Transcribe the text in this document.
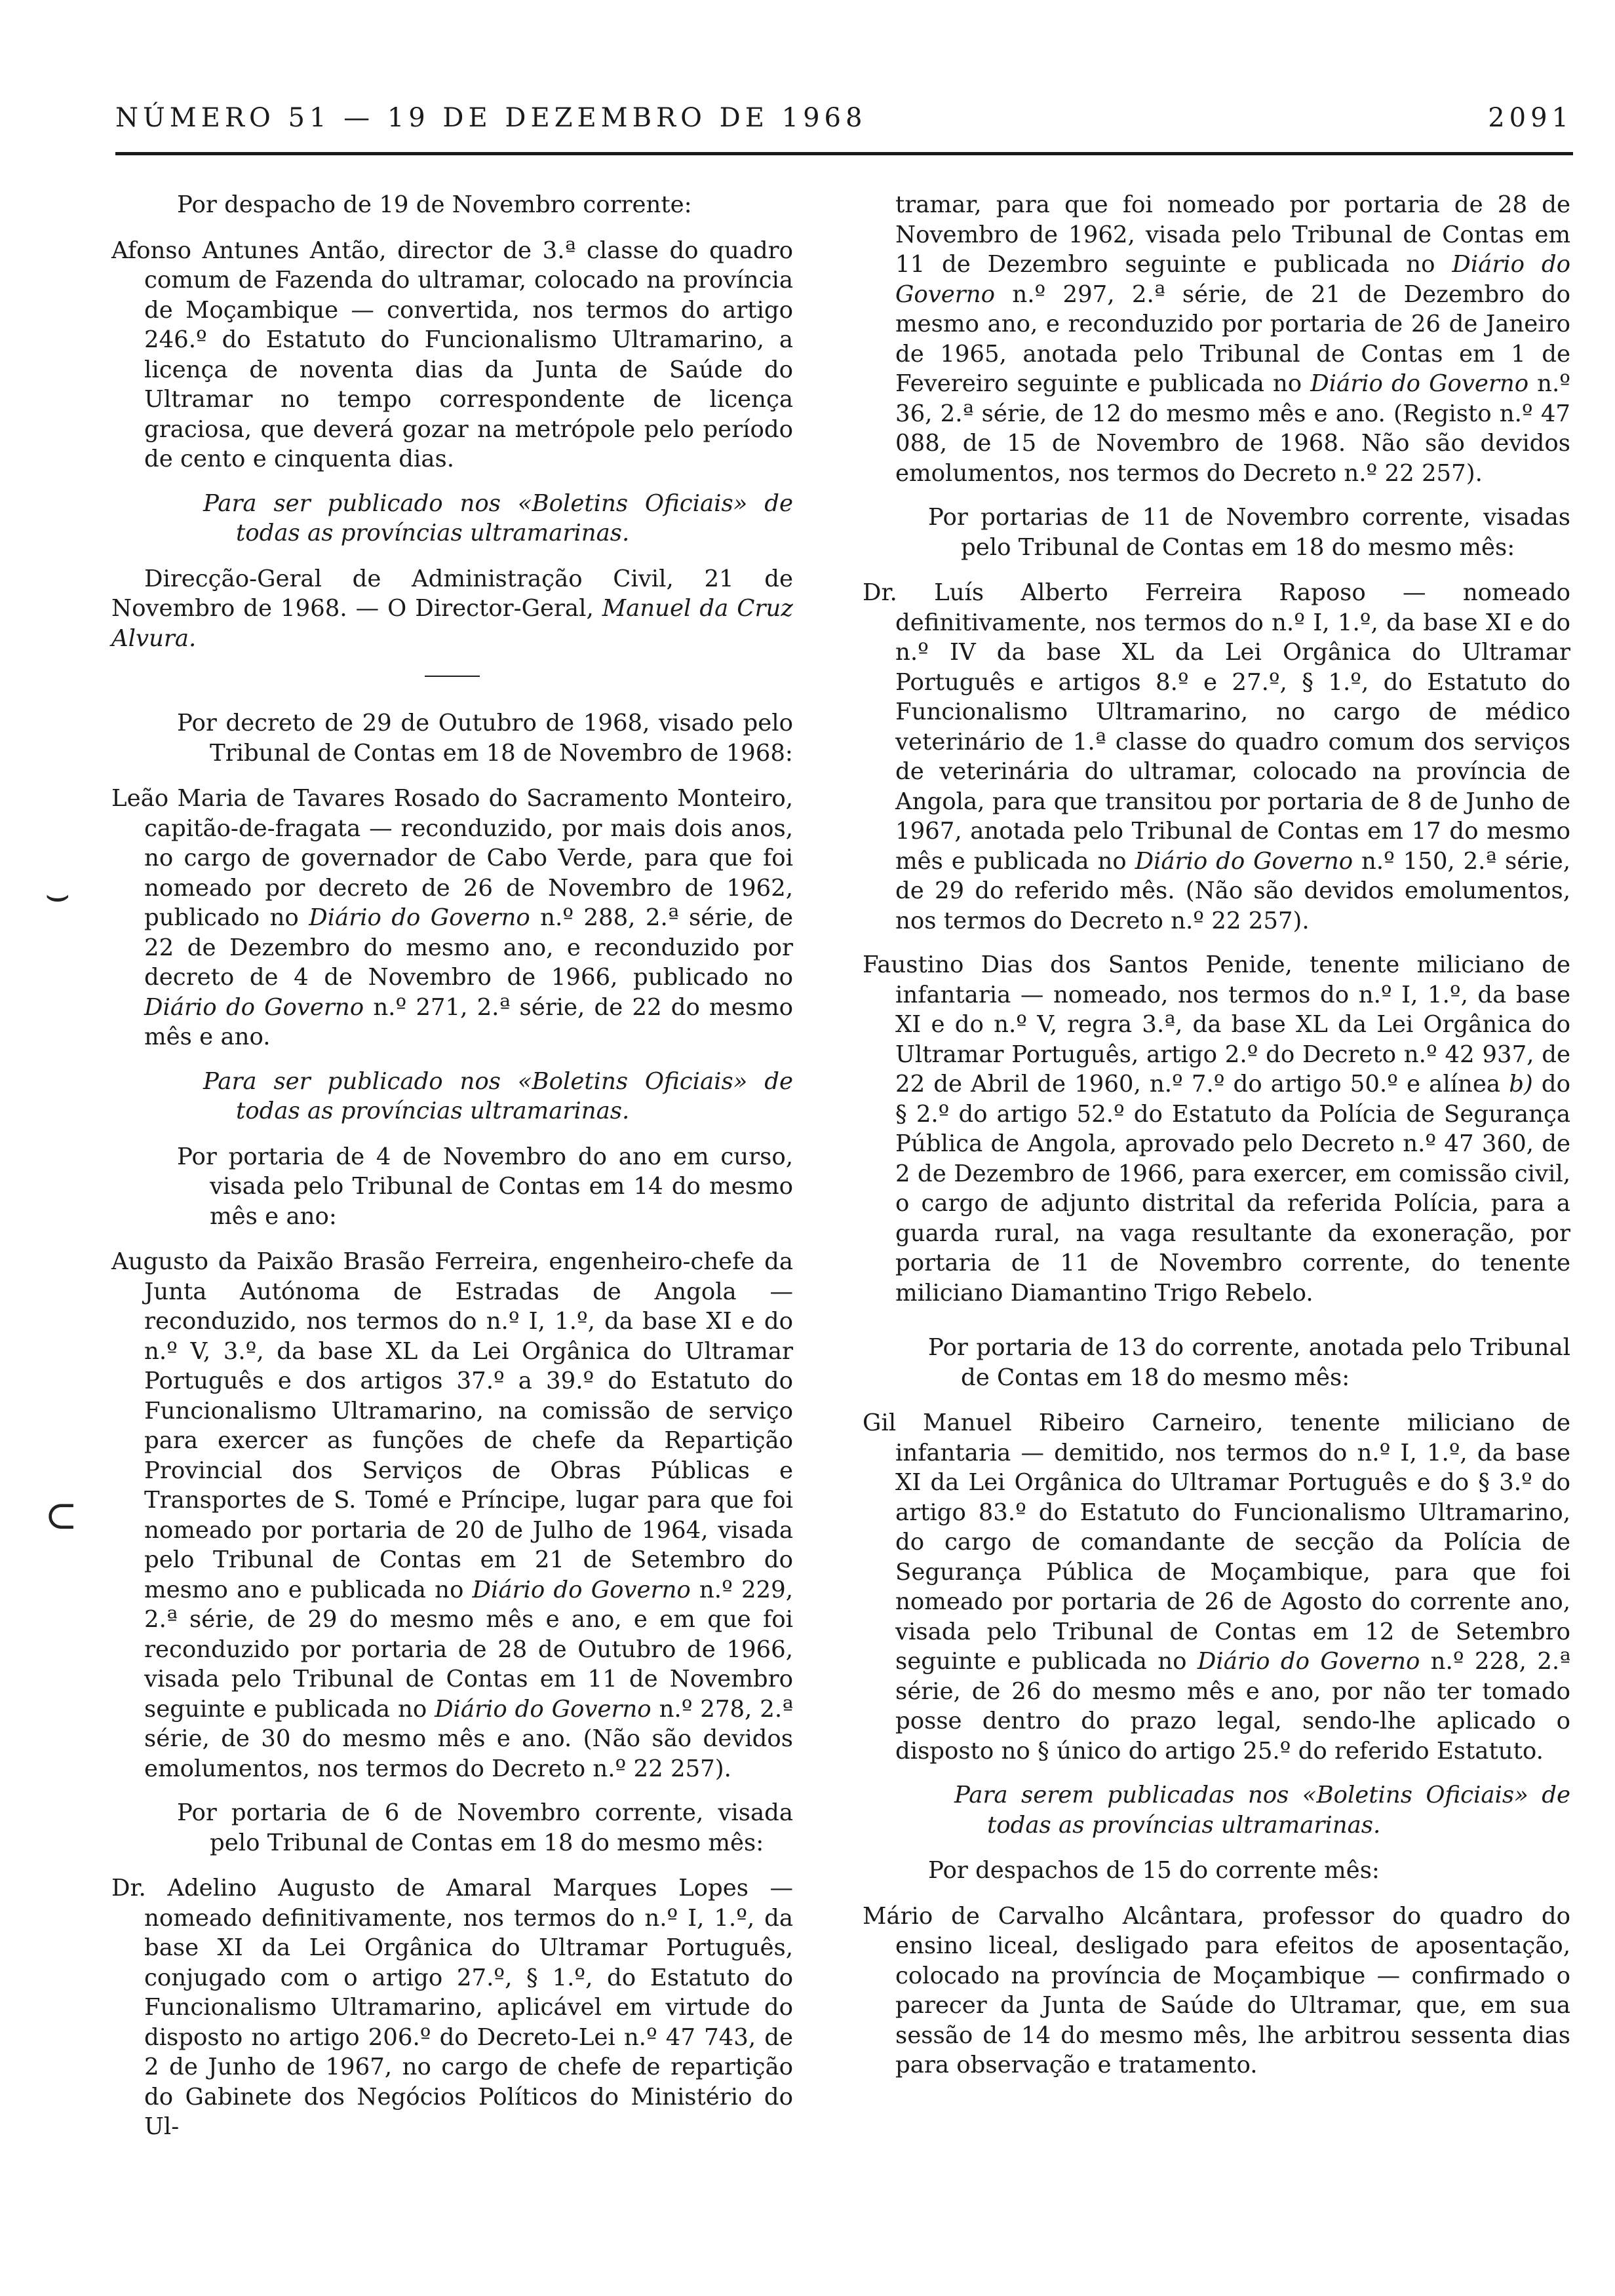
NÚMERO 51 — 19 DE DEZEMBRO DE 1968	2091
⌣
⊂

Por despacho de 19 de Novembro corrente:

Afonso Antunes Antão, director de 3.ª classe do quadro comum de Fazenda do ultramar, colocado na província de Moçambique — convertida, nos termos do artigo 246.º do Estatuto do Funcionalismo Ultramarino, a licença de noventa dias da Junta de Saúde do Ultramar no tempo correspondente de licença graciosa, que deverá gozar na metrópole pelo período de cento e cinquenta dias.

Para ser publicado nos «Boletins Oficiais» de todas as províncias ultramarinas.

Direcção-Geral de Administração Civil, 21 de Novembro de 1968. — O Director-Geral, Manuel da Cruz Alvura.

Por decreto de 29 de Outubro de 1968, visado pelo Tribunal de Contas em 18 de Novembro de 1968:

Leão Maria de Tavares Rosado do Sacramento Monteiro, capitão-de-fragata — reconduzido, por mais dois anos, no cargo de governador de Cabo Verde, para que foi nomeado por decreto de 26 de Novembro de 1962, publicado no Diário do Governo n.º 288, 2.ª série, de 22 de Dezembro do mesmo ano, e reconduzido por decreto de 4 de Novembro de 1966, publicado no Diário do Governo n.º 271, 2.ª série, de 22 do mesmo mês e ano.

Para ser publicado nos «Boletins Oficiais» de todas as províncias ultramarinas.

Por portaria de 4 de Novembro do ano em curso, visada pelo Tribunal de Contas em 14 do mesmo mês e ano:

Augusto da Paixão Brasão Ferreira, engenheiro-chefe da Junta Autónoma de Estradas de Angola — reconduzido, nos termos do n.º I, 1.º, da base XI e do n.º V, 3.º, da base XL da Lei Orgânica do Ultramar Português e dos artigos 37.º a 39.º do Estatuto do Funcionalismo Ultramarino, na comissão de serviço para exercer as funções de chefe da Repartição Provincial dos Serviços de Obras Públicas e Transportes de S. Tomé e Príncipe, lugar para que foi nomeado por portaria de 20 de Julho de 1964, visada pelo Tribunal de Contas em 21 de Setembro do mesmo ano e publicada no Diário do Governo n.º 229, 2.ª série, de 29 do mesmo mês e ano, e em que foi reconduzido por portaria de 28 de Outubro de 1966, visada pelo Tribunal de Contas em 11 de Novembro seguinte e publicada no Diário do Governo n.º 278, 2.ª série, de 30 do mesmo mês e ano. (Não são devidos emolumentos, nos termos do Decreto n.º 22 257).

Por portaria de 6 de Novembro corrente, visada pelo Tribunal de Contas em 18 do mesmo mês:

Dr. Adelino Augusto de Amaral Marques Lopes — nomeado definitivamente, nos termos do n.º I, 1.º, da base XI da Lei Orgânica do Ultramar Português, conjugado com o artigo 27.º, § 1.º, do Estatuto do Funcionalismo Ultramarino, aplicável em virtude do disposto no artigo 206.º do Decreto-Lei n.º 47 743, de 2 de Junho de 1967, no cargo de chefe de repartição do Gabinete dos Negócios Políticos do Ministério do Ul-

tramar, para que foi nomeado por portaria de 28 de Novembro de 1962, visada pelo Tribunal de Contas em 11 de Dezembro seguinte e publicada no Diário do Governo n.º 297, 2.ª série, de 21 de Dezembro do mesmo ano, e reconduzido por portaria de 26 de Janeiro de 1965, anotada pelo Tribunal de Contas em 1 de Fevereiro seguinte e publicada no Diário do Governo n.º 36, 2.ª série, de 12 do mesmo mês e ano. (Registo n.º 47 088, de 15 de Novembro de 1968. Não são devidos emolumentos, nos termos do Decreto n.º 22 257).

Por portarias de 11 de Novembro corrente, visadas pelo Tribunal de Contas em 18 do mesmo mês:

Dr. Luís Alberto Ferreira Raposo — nomeado definitivamente, nos termos do n.º I, 1.º, da base XI e do n.º IV da base XL da Lei Orgânica do Ultramar Português e artigos 8.º e 27.º, § 1.º, do Estatuto do Funcionalismo Ultramarino, no cargo de médico veterinário de 1.ª classe do quadro comum dos serviços de veterinária do ultramar, colocado na província de Angola, para que transitou por portaria de 8 de Junho de 1967, anotada pelo Tribunal de Contas em 17 do mesmo mês e publicada no Diário do Governo n.º 150, 2.ª série, de 29 do referido mês. (Não são devidos emolumentos, nos termos do Decreto n.º 22 257).

Faustino Dias dos Santos Penide, tenente miliciano de infantaria — nomeado, nos termos do n.º I, 1.º, da base XI e do n.º V, regra 3.ª, da base XL da Lei Orgânica do Ultramar Português, artigo 2.º do Decreto n.º 42 937, de 22 de Abril de 1960, n.º 7.º do artigo 50.º e alínea b) do § 2.º do artigo 52.º do Estatuto da Polícia de Segurança Pública de Angola, aprovado pelo Decreto n.º 47 360, de 2 de Dezembro de 1966, para exercer, em comissão civil, o cargo de adjunto distrital da referida Polícia, para a guarda rural, na vaga resultante da exoneração, por portaria de 11 de Novembro corrente, do tenente miliciano Diamantino Trigo Rebelo.

Por portaria de 13 do corrente, anotada pelo Tribunal de Contas em 18 do mesmo mês:

Gil Manuel Ribeiro Carneiro, tenente miliciano de infantaria — demitido, nos termos do n.º I, 1.º, da base XI da Lei Orgânica do Ultramar Português e do § 3.º do artigo 83.º do Estatuto do Funcionalismo Ultramarino, do cargo de comandante de secção da Polícia de Segurança Pública de Moçambique, para que foi nomeado por portaria de 26 de Agosto do corrente ano, visada pelo Tribunal de Contas em 12 de Setembro seguinte e publicada no Diário do Governo n.º 228, 2.ª série, de 26 do mesmo mês e ano, por não ter tomado posse dentro do prazo legal, sendo-lhe aplicado o disposto no § único do artigo 25.º do referido Estatuto.

Para serem publicadas nos «Boletins Oficiais» de todas as províncias ultramarinas.

Por despachos de 15 do corrente mês:

Mário de Carvalho Alcântara, professor do quadro do ensino liceal, desligado para efeitos de aposentação, colocado na província de Moçambique — confirmado o parecer da Junta de Saúde do Ultramar, que, em sua sessão de 14 do mesmo mês, lhe arbitrou sessenta dias para observação e tratamento.
